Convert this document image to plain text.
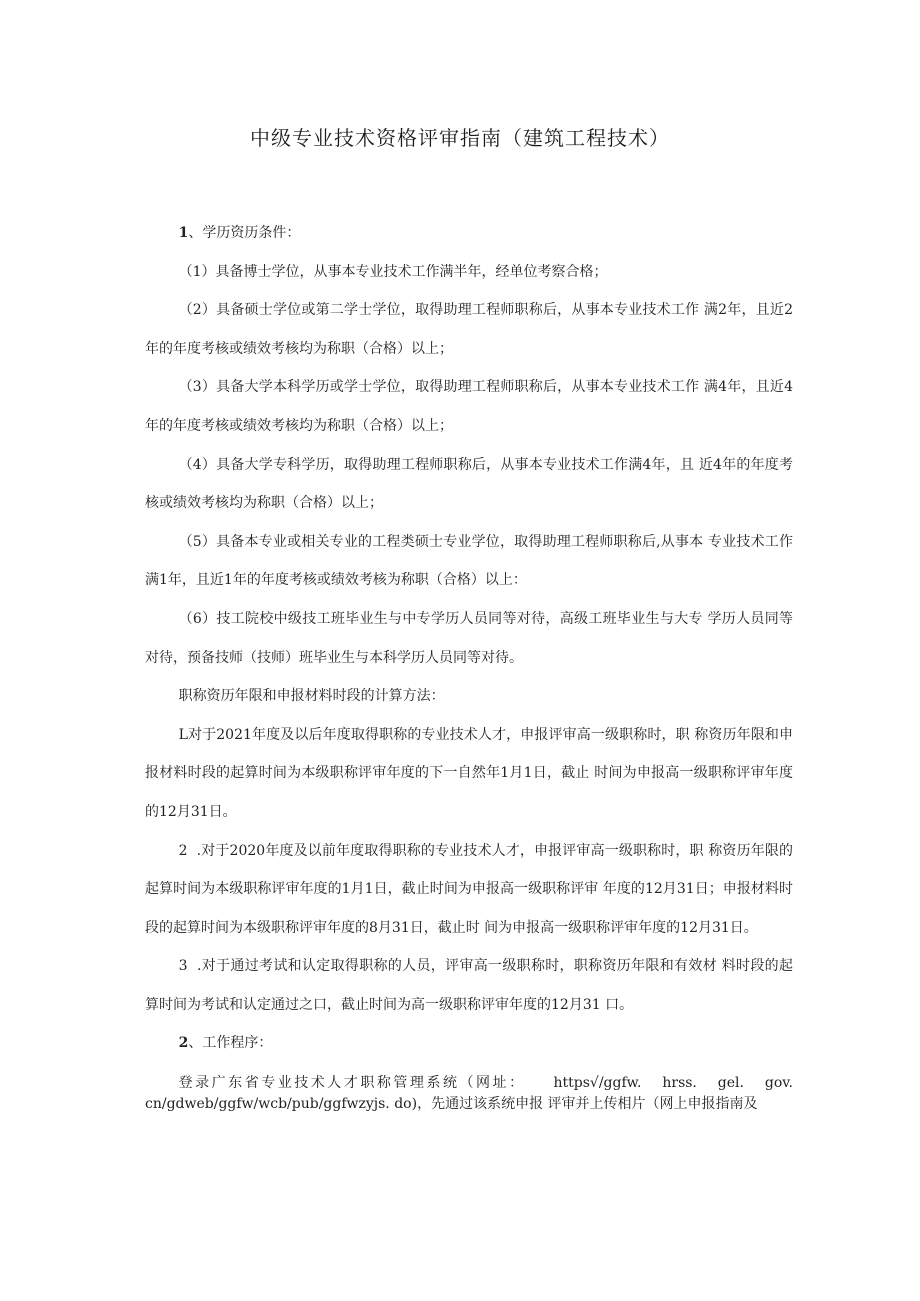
中级专业技术资格评审指南（建筑工程技术）

1、学历资历条件：

（1）具备博士学位，从事本专业技术工作满半年，经单位考察合格；

（2）具备硕士学位或第二学士学位，取得助理工程师职称后，从事本专业技术工作 满2年，且近2年的年度考核或绩效考核均为称职（合格）以上；

（3）具备大学本科学历或学士学位，取得助理工程师职称后，从事本专业技术工作 满4年，且近4年的年度考核或绩效考核均为称职（合格）以上；

（4）具备大学专科学历，取得助理工程师职称后，从事本专业技术工作满4年，且 近4年的年度考核或绩效考核均为称职（合格）以上；

（5）具备本专业或相关专业的工程类硕士专业学位，取得助理工程师职称后,从事本 专业技术工作满1年，且近1年的年度考核或绩效考核为称职（合格）以上：

（6）技工院校中级技工班毕业生与中专学历人员同等对待，高级工班毕业生与大专 学历人员同等对待，预备技师（技师）班毕业生与本科学历人员同等对待。

职称资历年限和申报材料时段的计算方法：

L对于2021年度及以后年度取得职称的专业技术人才，申报评审高一级职称时，职 称资历年限和申报材料时段的起算时间为本级职称评审年度的下一自然年1月1日，截止 时间为申报高一级职称评审年度的12月31日。

2  .对于2020年度及以前年度取得职称的专业技术人才，申报评审高一级职称时，职 称资历年限的起算时间为本级职称评审年度的1月1日，截止时间为申报高一级职称评审 年度的12月31日；申报材料时段的起算时间为本级职称评审年度的8月31日，截止时 间为申报高一级职称评审年度的12月31日。

3  .对于通过考试和认定取得职称的人员，评审高一级职称时，职称资历年限和有效材 料时段的起算时间为考试和认定通过之口，截止时间为高一级职称评审年度的12月31 口。

2、工作程序：

登录广东省专业技术人才职称管理系统（网址：    https√/ggfw.   hrss.   gel.   gov. cn/gdweb/ggfw/wcb/pub/ggfwzyjs. do)，先通过该系统申报 评审并上传相片（网上申报指南及
